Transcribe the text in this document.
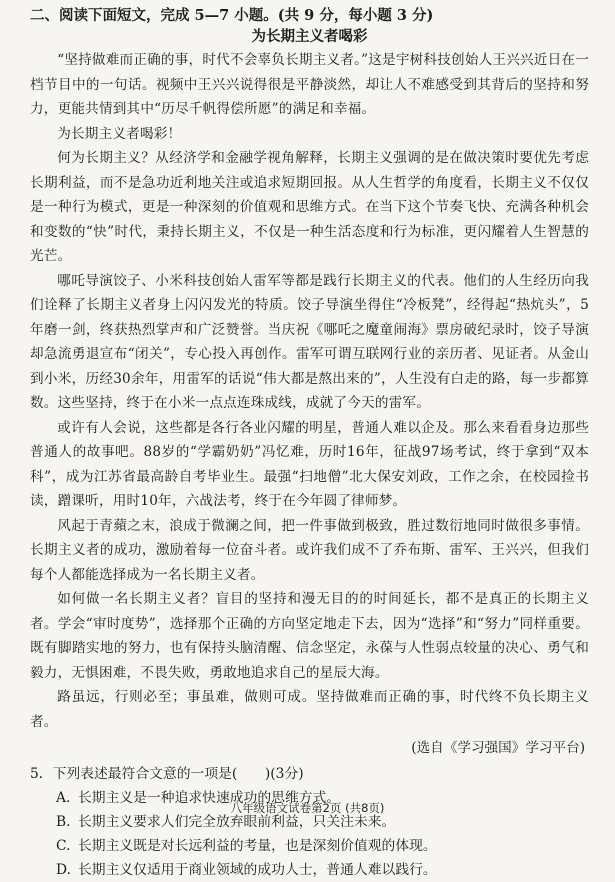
二、阅读下面短文，完成 5—7 小题。(共 9 分，每小题 3 分)

为长期主义者喝彩

“坚持做难而正确的事，时代不会辜负长期主义者。”这是宇树科技创始人王兴兴近日在一档节目中的一句话。视频中王兴兴说得很是平静淡然，却让人不难感受到其背后的坚持和努力，更能共情到其中“历尽千帆得偿所愿”的满足和幸福。

为长期主义者喝彩！

何为长期主义？从经济学和金融学视角解释，长期主义强调的是在做决策时要优先考虑长期利益，而不是急功近利地关注或追求短期回报。从人生哲学的角度看，长期主义不仅仅是一种行为模式，更是一种深刻的价值观和思维方式。在当下这个节奏飞快、充满各种机会和变数的“快”时代，秉持长期主义，不仅是一种生活态度和行为标准，更闪耀着人生智慧的光芒。

哪吒导演饺子、小米科技创始人雷军等都是践行长期主义的代表。他们的人生经历向我们诠释了长期主义者身上闪闪发光的特质。饺子导演坐得住“冷板凳”，经得起“热炕头”，5年磨一剑，终获热烈掌声和广泛赞誉。当庆祝《哪吒之魔童闹海》票房破纪录时，饺子导演却急流勇退宣布“闭关”，专心投入再创作。雷军可谓互联网行业的亲历者、见证者。从金山到小米，历经30余年，用雷军的话说“伟大都是熬出来的”，人生没有白走的路，每一步都算数。这些坚持，终于在小米一点点连珠成线，成就了今天的雷军。

或许有人会说，这些都是各行各业闪耀的明星，普通人难以企及。那么来看看身边那些普通人的故事吧。88岁的“学霸奶奶”冯忆难，历时16年，征战97场考试，终于拿到“双本科”，成为江苏省最高龄自考毕业生。最强“扫地僧”北大保安刘政，工作之余，在校园捡书读，蹭课听，用时10年，六战法考，终于在今年圆了律师梦。

风起于青蘋之末，浪成于微澜之间，把一件事做到极致，胜过数衍地同时做很多事情。长期主义者的成功，激励着每一位奋斗者。或许我们成不了乔布斯、雷军、王兴兴，但我们每个人都能选择成为一名长期主义者。

如何做一名长期主义者？盲目的坚持和漫无目的的时间延长，都不是真正的长期主义者。学会“审时度势”，选择那个正确的方向坚定地走下去，因为“选择”和“努力”同样重要。既有脚踏实地的努力，也有保持头脑清醒、信念坚定，永葆与人性弱点较量的决心、勇气和毅力，无惧困难，不畏失败，勇敢地追求自己的星辰大海。

路虽远，行则必至；事虽难，做则可成。坚持做难而正确的事，时代终不负长期主义者。

(选自《学习强国》学习平台)

5．下列表述最符合文意的一项是(　　)(3分)

A. 长期主义是一种追求快速成功的思维方式。
B. 长期主义要求人们完全放弃眼前利益，只关注未来。
C. 长期主义既是对长远利益的考量，也是深刻价值观的体现。
D. 长期主义仅适用于商业领域的成功人士，普通人难以践行。
八年级语文试卷第2页 (共8页)
